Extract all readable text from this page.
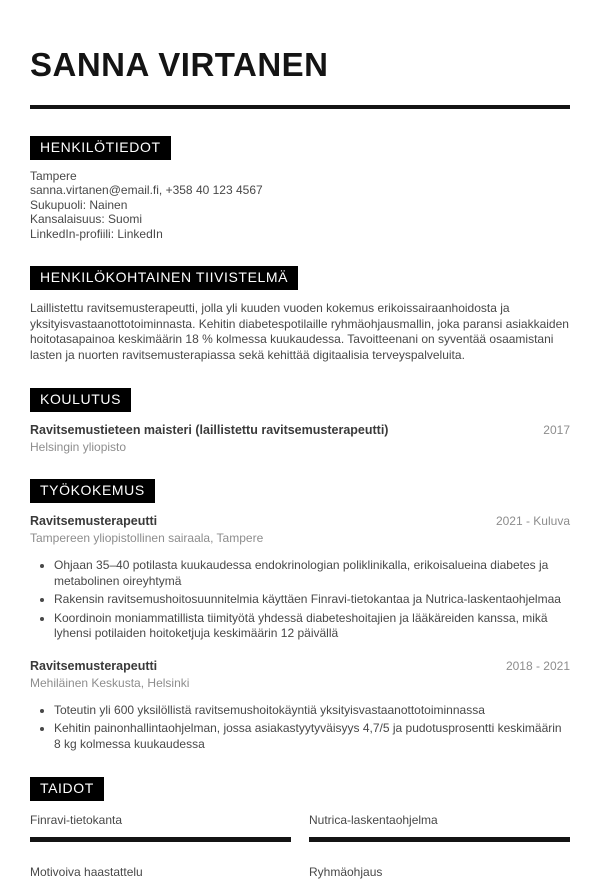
SANNA VIRTANEN
HENKILÖTIEDOT
Tampere
sanna.virtanen@email.fi, +358 40 123 4567
Sukupuoli: Nainen
Kansalaisuus: Suomi
LinkedIn-profiili: LinkedIn
HENKILÖKOHTAINEN TIIVISTELMÄ

Laillistettu ravitsemusterapeutti, jolla yli kuuden vuoden kokemus erikoissairaanhoidosta ja yksityisvastaanottotoiminnasta. Kehitin diabetespotilaille ryhmäohjausmallin, joka paransi asiakkaiden hoitotasapainoa keskimäärin 18 % kolmessa kuukaudessa. Tavoitteenani on syventää osaamistani lasten ja nuorten ravitsemusterapiassa sekä kehittää digitaalisia terveyspalveluita.

KOULUTUS
Ravitsemustieteen maisteri (laillistettu ravitsemusterapeutti)	2017
Helsingin yliopisto
TYÖKOKEMUS
Ravitsemusterapeutti	2021 - Kuluva
Tampereen yliopistollinen sairaala, Tampere
• Ohjaan 35–40 potilasta kuukaudessa endokrinologian poliklinikalla, erikoisalueina diabetes ja metabolinen oireyhtymä
• Rakensin ravitsemushoitosuunnitelmia käyttäen Finravi-tietokantaa ja Nutrica-laskentaohjelmaa
• Koordinoin moniammatillista tiimityötä yhdessä diabeteshoitajien ja lääkäreiden kanssa, mikä lyhensi potilaiden hoitoketjuja keskimäärin 12 päivällä
Ravitsemusterapeutti	2018 - 2021
Mehiläinen Keskusta, Helsinki
• Toteutin yli 600 yksilöllistä ravitsemushoitokäyntiä yksityisvastaanottotoiminnassa
• Kehitin painonhallintaohjelman, jossa asiakastyytyväisyys 4,7/5 ja pudotusprosentti keskimäärin 8 kg kolmessa kuukaudessa
TAIDOT
Finravi-tietokanta	Nutrica-laskentaohjelma
Motivoiva haastattelu	Ryhmäohjaus
